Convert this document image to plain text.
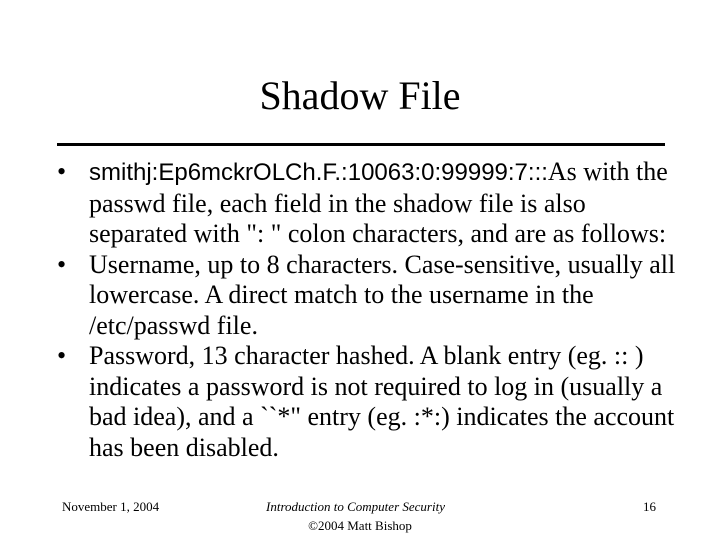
Shadow File

• smithj:Ep6mckrOLCh.F.:10063:0:99999:7:::As with the passwd file, each field in the shadow file is also separated with ": " colon characters, and are as follows:

• Username, up to 8 characters. Case-sensitive, usually all lowercase. A direct match to the username in the /etc/passwd file.

• Password, 13 character hashed. A blank entry (eg. :: ) indicates a password is not required to log in (usually a bad idea), and a ``*" entry (eg. :*:) indicates the account has been disabled.

November 1, 2004	Introduction to Computer Security	16
©2004 Matt Bishop
